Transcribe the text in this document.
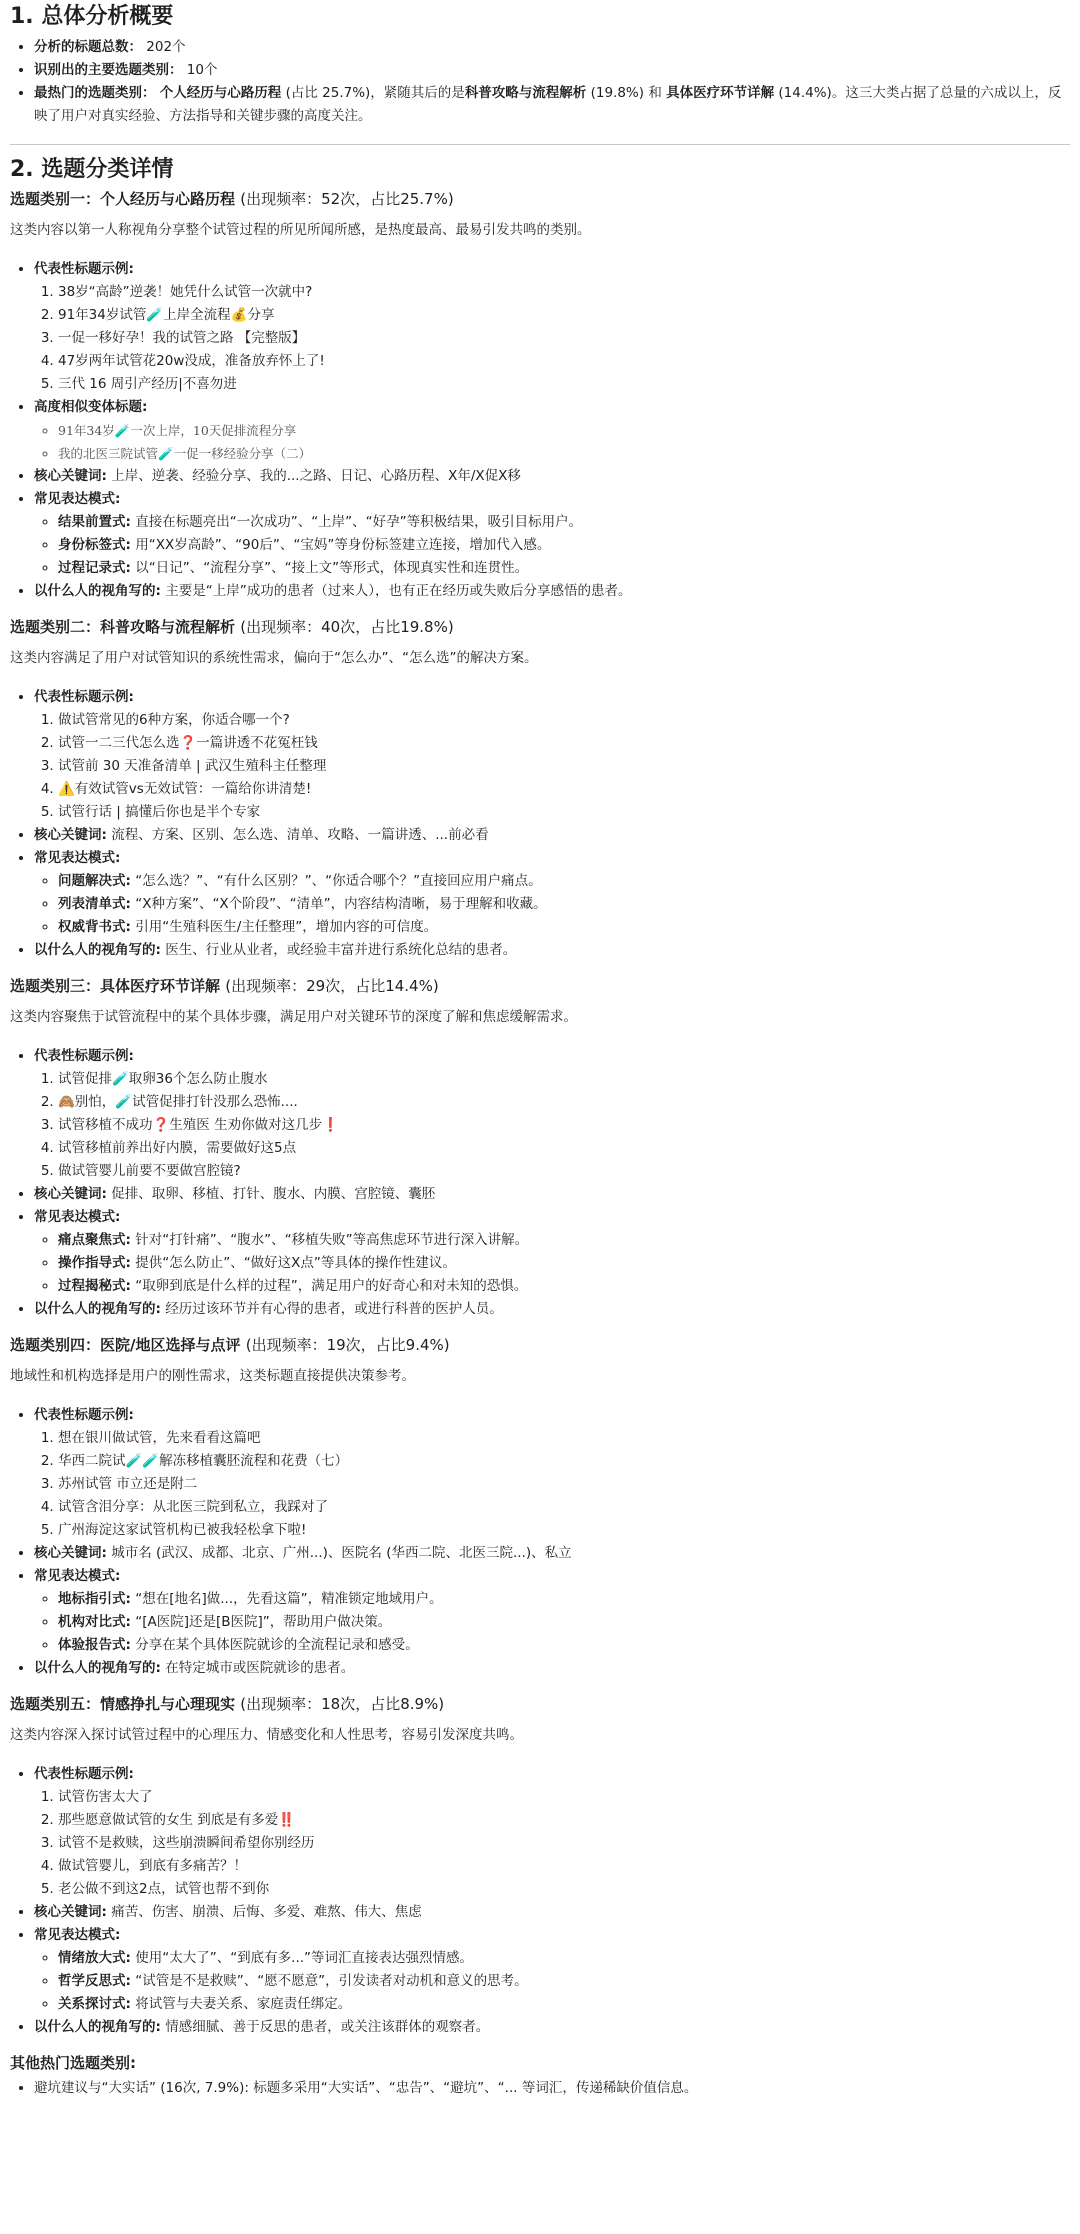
1. 总体分析概要
• 分析的标题总数： 202个
• 识别出的主要选题类别： 10个
• 最热门的选题类别： 个人经历与心路历程 (占比 25.7%)，紧随其后的是科普攻略与流程解析 (19.8%) 和 具体医疗环节详解 (14.4%)。这三大类占据了总量的六成以上，反映了用户对真实经验、方法指导和关键步骤的高度关注。
2. 选题分类详情
选题类别一：个人经历与心路历程 (出现频率：52次，占比25.7%)
这类内容以第一人称视角分享整个试管过程的所见所闻所感，是热度最高、最易引发共鸣的类别。
• 代表性标题示例:
1. 38岁“高龄”逆袭！她凭什么试管一次就中?
2. 91年34岁试管🧪上岸全流程💰分享
3. 一促一移好孕！我的试管之路 【完整版】
4. 47岁两年试管花20w没成，准备放弃怀上了!
5. 三代 16 周引产经历|不喜勿进
• 高度相似变体标题:
◦ 91年34岁🧪一次上岸，10天促排流程分享
◦ 我的北医三院试管🧪一促一移经验分享（二）
• 核心关键词: 上岸、逆袭、经验分享、我的...之路、日记、心路历程、X年/X促X移
• 常见表达模式:
◦ 结果前置式: 直接在标题亮出“一次成功”、“上岸”、“好孕”等积极结果，吸引目标用户。
◦ 身份标签式: 用“XX岁高龄”、“90后”、“宝妈”等身份标签建立连接，增加代入感。
◦ 过程记录式: 以“日记”、“流程分享”、“接上文”等形式，体现真实性和连贯性。
• 以什么人的视角写的: 主要是“上岸”成功的患者（过来人），也有正在经历或失败后分享感悟的患者。
选题类别二：科普攻略与流程解析 (出现频率：40次，占比19.8%)
这类内容满足了用户对试管知识的系统性需求，偏向于“怎么办”、“怎么选”的解决方案。
• 代表性标题示例:
1. 做试管常见的6种方案，你适合哪一个?
2. 试管一二三代怎么选❓一篇讲透不花冤枉钱
3. 试管前 30 天准备清单 | 武汉生殖科主任整理
4. ⚠️有效试管vs无效试管：一篇给你讲清楚!
5. 试管行话 | 搞懂后你也是半个专家
• 核心关键词: 流程、方案、区别、怎么选、清单、攻略、一篇讲透、...前必看
• 常见表达模式:
◦ 问题解决式: “怎么选？”、“有什么区别？”、“你适合哪个？”直接回应用户痛点。
◦ 列表清单式: “X种方案”、“X个阶段”、“清单”，内容结构清晰，易于理解和收藏。
◦ 权威背书式: 引用“生殖科医生/主任整理”，增加内容的可信度。
• 以什么人的视角写的: 医生、行业从业者，或经验丰富并进行系统化总结的患者。
选题类别三：具体医疗环节详解 (出现频率：29次，占比14.4%)
这类内容聚焦于试管流程中的某个具体步骤，满足用户对关键环节的深度了解和焦虑缓解需求。
• 代表性标题示例:
1. 试管促排🧪取卵36个怎么防止腹水
2. 🙈别怕，🧪试管促排打针没那么恐怖....
3. 试管移植不成功❓生殖医 生劝你做对这几步❗
4. 试管移植前养出好内膜，需要做好这5点
5. 做试管婴儿前要不要做宫腔镜?
• 核心关键词: 促排、取卵、移植、打针、腹水、内膜、宫腔镜、囊胚
• 常见表达模式:
◦ 痛点聚焦式: 针对“打针痛”、“腹水”、“移植失败”等高焦虑环节进行深入讲解。
◦ 操作指导式: 提供“怎么防止”、“做好这X点”等具体的操作性建议。
◦ 过程揭秘式: “取卵到底是什么样的过程”，满足用户的好奇心和对未知的恐惧。
• 以什么人的视角写的: 经历过该环节并有心得的患者，或进行科普的医护人员。
选题类别四：医院/地区选择与点评 (出现频率：19次，占比9.4%)
地域性和机构选择是用户的刚性需求，这类标题直接提供决策参考。
• 代表性标题示例:
1. 想在银川做试管，先来看看这篇吧
2. 华西二院试🧪🧪解冻移植囊胚流程和花费（七）
3. 苏州试管 市立还是附二
4. 试管含泪分享：从北医三院到私立，我踩对了
5. 广州海淀这家试管机构已被我轻松拿下啦!
• 核心关键词: 城市名 (武汉、成都、北京、广州...)、医院名 (华西二院、北医三院...)、私立
• 常见表达模式:
◦ 地标指引式: “想在[地名]做...，先看这篇”，精准锁定地域用户。
◦ 机构对比式: “[A医院]还是[B医院]”，帮助用户做决策。
◦ 体验报告式: 分享在某个具体医院就诊的全流程记录和感受。
• 以什么人的视角写的: 在特定城市或医院就诊的患者。
选题类别五：情感挣扎与心理现实 (出现频率：18次，占比8.9%)
这类内容深入探讨试管过程中的心理压力、情感变化和人性思考，容易引发深度共鸣。
• 代表性标题示例:
1. 试管伤害太大了
2. 那些愿意做试管的女生 到底是有多爱‼️
3. 试管不是救赎，这些崩溃瞬间希望你别经历
4. 做试管婴儿，到底有多痛苦？！
5. 老公做不到这2点，试管也帮不到你
• 核心关键词: 痛苦、伤害、崩溃、后悔、多爱、难熬、伟大、焦虑
• 常见表达模式:
◦ 情绪放大式: 使用“太大了”、“到底有多...”等词汇直接表达强烈情感。
◦ 哲学反思式: “试管是不是救赎”、“愿不愿意”，引发读者对动机和意义的思考。
◦ 关系探讨式: 将试管与夫妻关系、家庭责任绑定。
• 以什么人的视角写的: 情感细腻、善于反思的患者，或关注该群体的观察者。
其他热门选题类别:
• 避坑建议与“大实话” (16次, 7.9%): 标题多采用“大实话”、“忠告”、“避坑”、“... 等词汇，传递稀缺价值信息。
